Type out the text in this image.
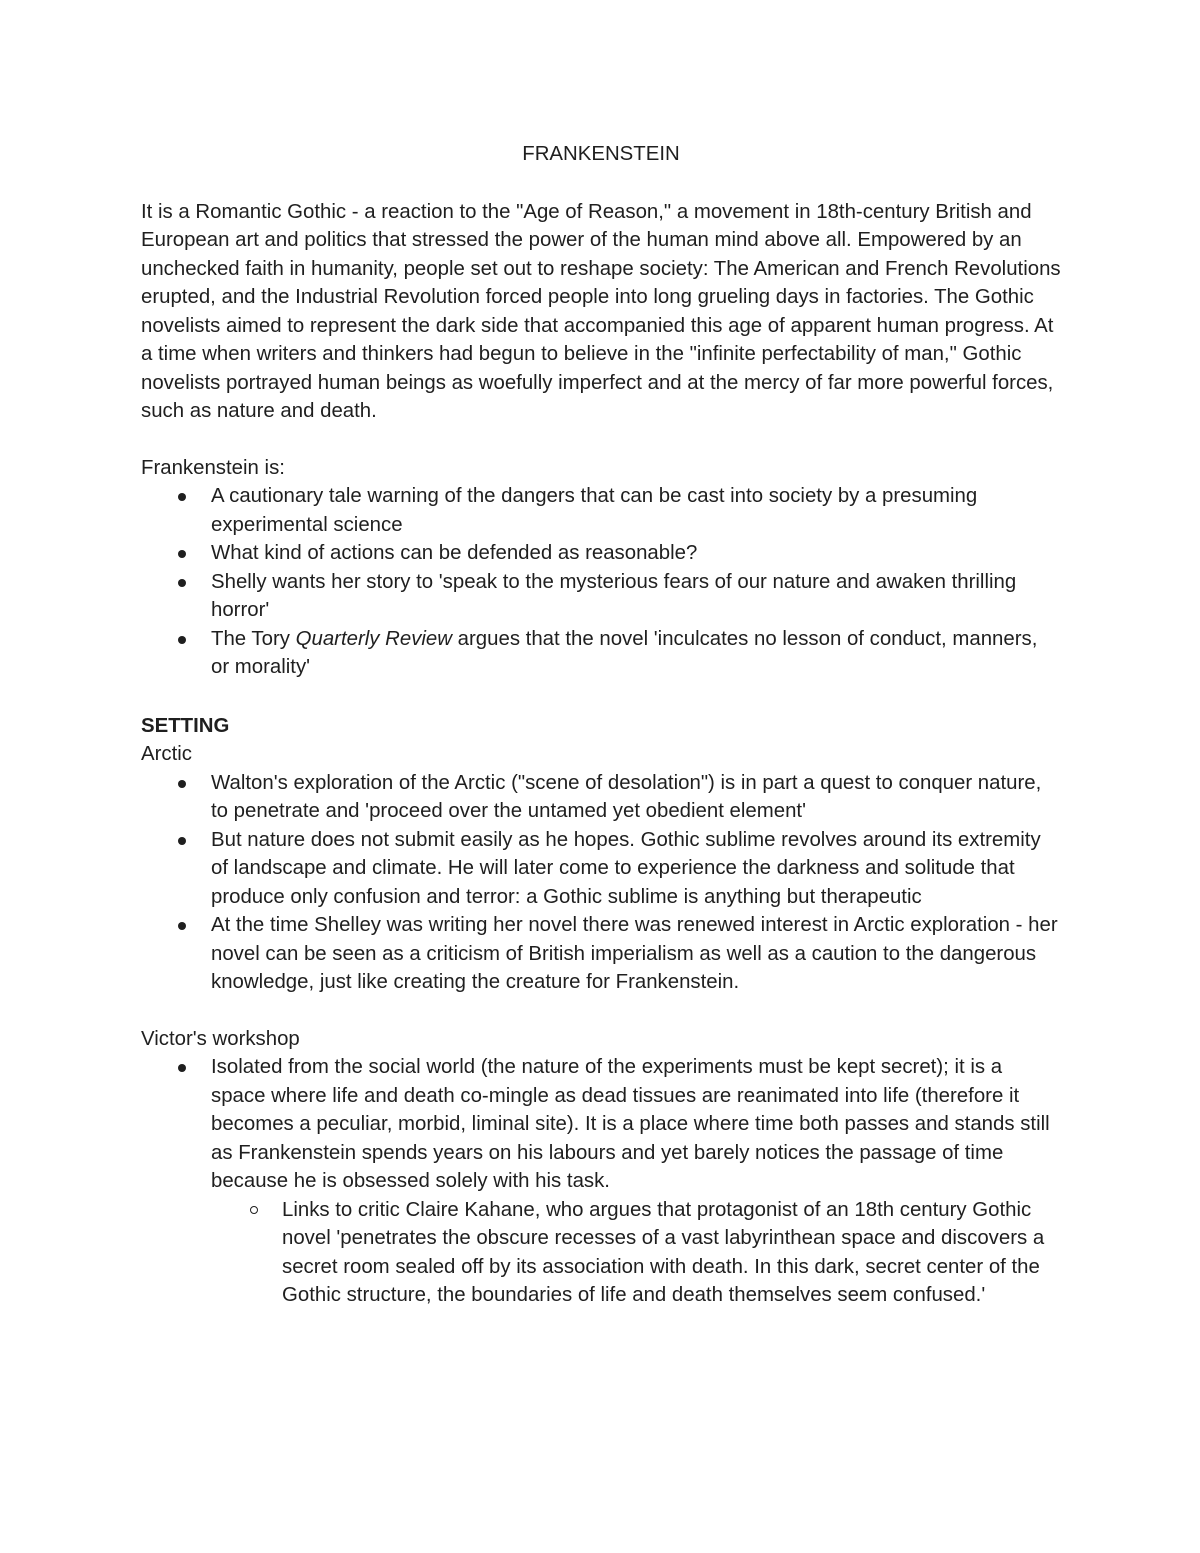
FRANKENSTEIN

It is a Romantic Gothic - a reaction to the "Age of Reason," a movement in 18th-century British and European art and politics that stressed the power of the human mind above all. Empowered by an unchecked faith in humanity, people set out to reshape society: The American and French Revolutions erupted, and the Industrial Revolution forced people into long grueling days in factories. The Gothic novelists aimed to represent the dark side that accompanied this age of apparent human progress. At a time when writers and thinkers had begun to believe in the "infinite perfectability of man," Gothic novelists portrayed human beings as woefully imperfect and at the mercy of far more powerful forces, such as nature and death.

Frankenstein is:

A cautionary tale warning of the dangers that can be cast into society by a presuming experimental science
What kind of actions can be defended as reasonable?
Shelly wants her story to 'speak to the mysterious fears of our nature and awaken thrilling horror'
The Tory Quarterly Review argues that the novel 'inculcates no lesson of conduct, manners, or morality'

SETTING

Arctic

Walton's exploration of the Arctic ("scene of desolation") is in part a quest to conquer nature, to penetrate and 'proceed over the untamed yet obedient element'
But nature does not submit easily as he hopes. Gothic sublime revolves around its extremity of landscape and climate. He will later come to experience the darkness and solitude that produce only confusion and terror: a Gothic sublime is anything but therapeutic
At the time Shelley was writing her novel there was renewed interest in Arctic exploration - her novel can be seen as a criticism of British imperialism as well as a caution to the dangerous knowledge, just like creating the creature for Frankenstein.

Victor's workshop

Isolated from the social world (the nature of the experiments must be kept secret); it is a space where life and death co-mingle as dead tissues are reanimated into life (therefore it becomes a peculiar, morbid, liminal site). It is a place where time both passes and stands still as Frankenstein spends years on his labours and yet barely notices the passage of time because he is obsessed solely with his task.
Links to critic Claire Kahane, who argues that protagonist of an 18th century Gothic novel 'penetrates the obscure recesses of a vast labyrinthean space and discovers a secret room sealed off by its association with death. In this dark, secret center of the Gothic structure, the boundaries of life and death themselves seem confused.'
